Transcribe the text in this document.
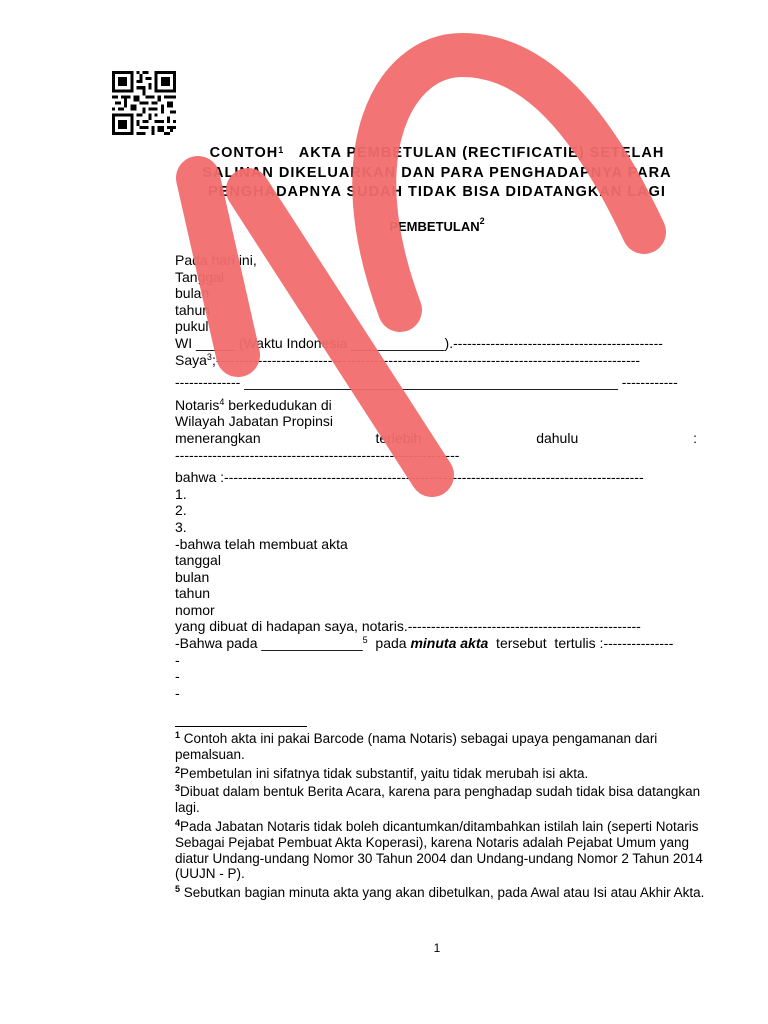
CONTOH$^1$ AKTA PEMBETULAN (RECTIFICATIE) SETELAH
SALINAN DIKELUARKAN DAN PARA PENGHADAPNYA PARA
PENGHADAPNYA SUDAH TIDAK BISA DIDATANGKAN LAGI
PEMBETULAN$^2$
Pada hari ini,
Tanggal
bulan
tahun
pukul
WI _____ (Waktu Indonesia ____________).---------------------------------------------
Saya$^3$;-------------------------------------------------------------------------------------------
-------------- ________________________________________________ ------------
Notaris$^4$ berkedudukan di
Wilayah Jabatan Propinsi
menerangkan	terlebih	dahulu	:
-------------------------------------------------------------
bahwa :------------------------------------------------------------------------------------------
1.
2.
3.
-bahwa telah membuat akta
tanggal
bulan
tahun
nomor
yang dibuat di hadapan saya, notaris.--------------------------------------------------
-Bahwa pada _____________$^5$  pada minuta akta  tersebut  tertulis :---------------
-
-
-
$^1$ Contoh akta ini pakai Barcode (nama Notaris) sebagai upaya pengamanan dari pemalsuan.
$^2$Pembetulan ini sifatnya tidak substantif, yaitu tidak merubah isi akta.
$^3$Dibuat dalam bentuk Berita Acara, karena para penghadap sudah tidak bisa datangkan lagi.
$^4$Pada Jabatan Notaris tidak boleh dicantumkan/ditambahkan istilah lain (seperti Notaris Sebagai Pejabat Pembuat Akta Koperasi), karena Notaris adalah Pejabat Umum yang diatur Undang-undang Nomor 30 Tahun 2004 dan Undang-undang Nomor 2 Tahun 2014 (UUJN - P).
$^5$ Sebutkan bagian minuta akta yang akan dibetulkan, pada Awal atau Isi atau Akhir Akta.
1
